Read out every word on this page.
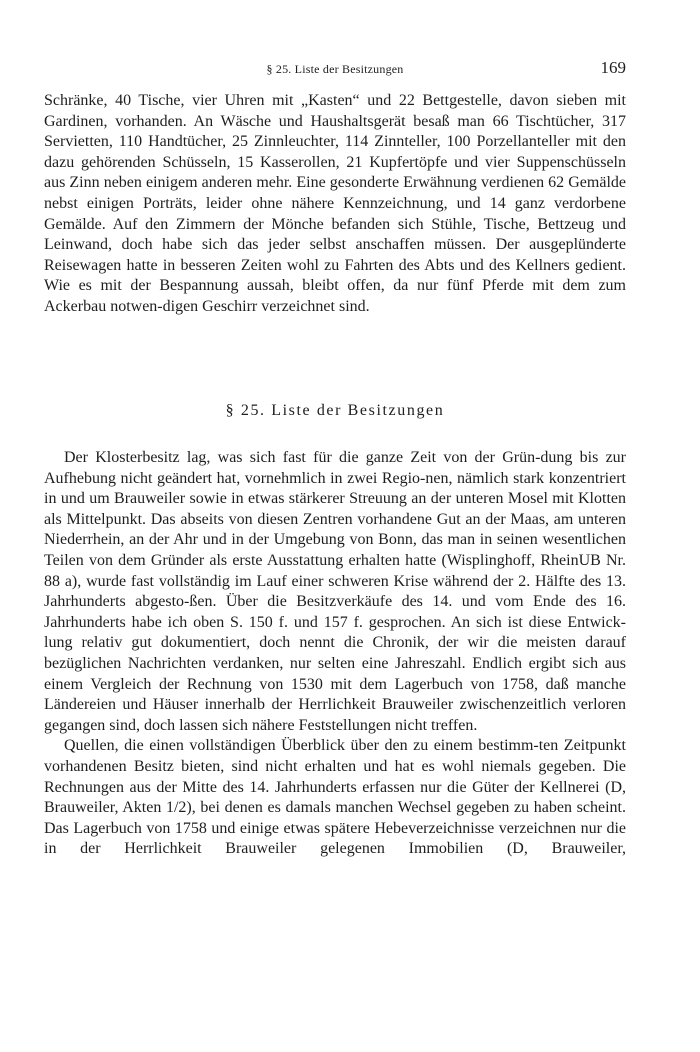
§ 25. Liste der Besitzungen	169

Schränke, 40 Tische, vier Uhren mit „Kasten“ und 22 Bettgestelle, davon sieben mit Gardinen, vorhanden. An Wäsche und Haushaltsgerät besaß man 66 Tischtücher, 317 Servietten, 110 Handtücher, 25 Zinnleuchter, 114 Zinnteller, 100 Porzellanteller mit den dazu gehörenden Schüsseln, 15 Kasserollen, 21 Kupfertöpfe und vier Suppenschüsseln aus Zinn neben einigem anderen mehr. Eine gesonderte Erwähnung verdienen 62 Gemälde nebst einigen Porträts, leider ohne nähere Kennzeichnung, und 14 ganz verdorbene Gemälde. Auf den Zimmern der Mönche befanden sich Stühle, Tische, Bettzeug und Leinwand, doch habe sich das jeder selbst anschaffen müssen. Der ausgeplünderte Reisewagen hatte in besseren Zeiten wohl zu Fahrten des Abts und des Kellners gedient. Wie es mit der Bespannung aussah, bleibt offen, da nur fünf Pferde mit dem zum Ackerbau notwen-digen Geschirr verzeichnet sind.

§ 25. Liste der Besitzungen

Der Klosterbesitz lag, was sich fast für die ganze Zeit von der Grün-dung bis zur Aufhebung nicht geändert hat, vornehmlich in zwei Regio-nen, nämlich stark konzentriert in und um Brauweiler sowie in etwas stärkerer Streuung an der unteren Mosel mit Klotten als Mittelpunkt. Das abseits von diesen Zentren vorhandene Gut an der Maas, am unteren Niederrhein, an der Ahr und in der Umgebung von Bonn, das man in seinen wesentlichen Teilen von dem Gründer als erste Ausstattung erhalten hatte (Wisplinghoff, RheinUB Nr. 88 a), wurde fast vollständig im Lauf einer schweren Krise während der 2. Hälfte des 13. Jahrhunderts abgesto-ßen. Über die Besitzverkäufe des 14. und vom Ende des 16. Jahrhunderts habe ich oben S. 150 f. und 157 f. gesprochen. An sich ist diese Entwick-lung relativ gut dokumentiert, doch nennt die Chronik, der wir die meisten darauf bezüglichen Nachrichten verdanken, nur selten eine Jahreszahl. Endlich ergibt sich aus einem Vergleich der Rechnung von 1530 mit dem Lagerbuch von 1758, daß manche Ländereien und Häuser innerhalb der Herrlichkeit Brauweiler zwischenzeitlich verloren gegangen sind, doch lassen sich nähere Feststellungen nicht treffen.

Quellen, die einen vollständigen Überblick über den zu einem bestimm-ten Zeitpunkt vorhandenen Besitz bieten, sind nicht erhalten und hat es wohl niemals gegeben. Die Rechnungen aus der Mitte des 14. Jahrhunderts erfassen nur die Güter der Kellnerei (D, Brauweiler, Akten 1/2), bei denen es damals manchen Wechsel gegeben zu haben scheint. Das Lagerbuch von 1758 und einige etwas spätere Hebeverzeichnisse verzeichnen nur die in der Herrlichkeit Brauweiler gelegenen Immobilien (D, Brauweiler,
